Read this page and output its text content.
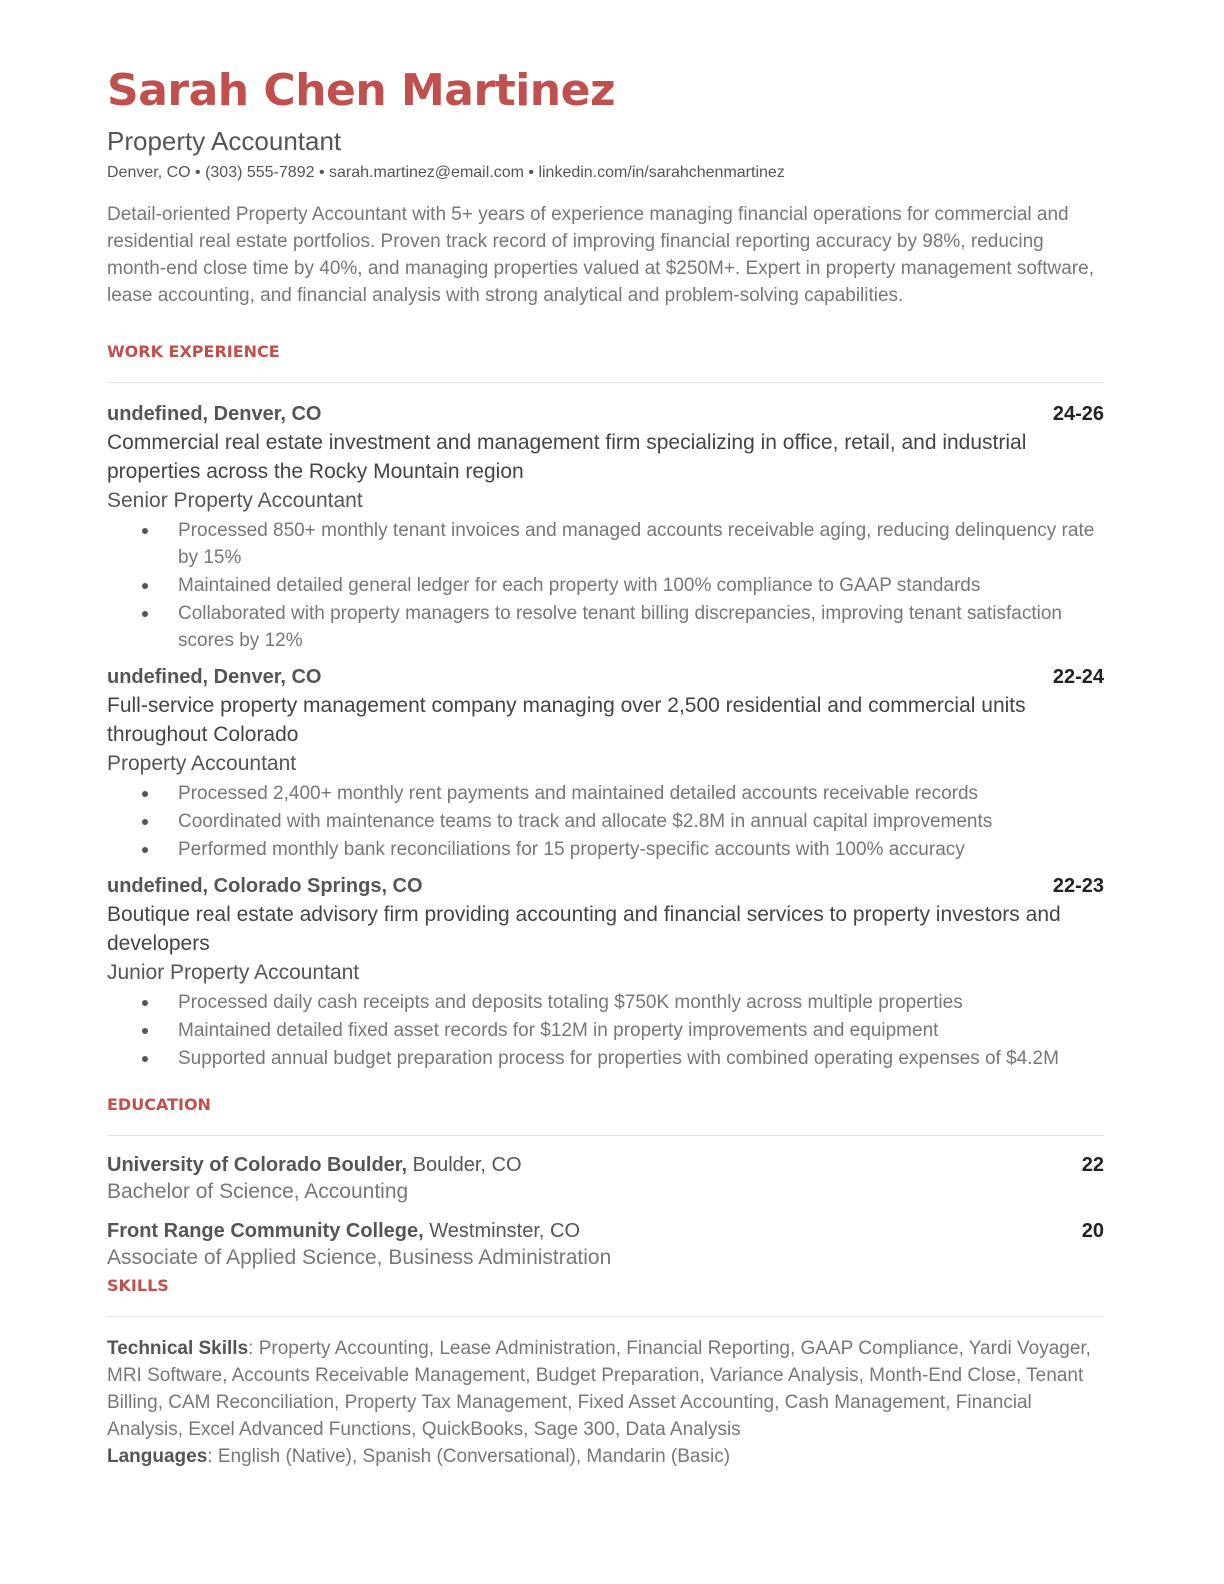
Sarah Chen Martinez
Property Accountant
Denver, CO • (303) 555-7892 • sarah.martinez@email.com • linkedin.com/in/sarahchenmartinez
Detail-oriented Property Accountant with 5+ years of experience managing financial operations for commercial and residential real estate portfolios. Proven track record of improving financial reporting accuracy by 98%, reducing month-end close time by 40%, and managing properties valued at $250M+. Expert in property management software, lease accounting, and financial analysis with strong analytical and problem-solving capabilities.
WORK EXPERIENCE
undefined, Denver, CO	24-26
Commercial real estate investment and management firm specializing in office, retail, and industrial properties across the Rocky Mountain region
Senior Property Accountant
Processed 850+ monthly tenant invoices and managed accounts receivable aging, reducing delinquency rate by 15%
Maintained detailed general ledger for each property with 100% compliance to GAAP standards
Collaborated with property managers to resolve tenant billing discrepancies, improving tenant satisfaction scores by 12%
undefined, Denver, CO	22-24
Full-service property management company managing over 2,500 residential and commercial units throughout Colorado
Property Accountant
Processed 2,400+ monthly rent payments and maintained detailed accounts receivable records
Coordinated with maintenance teams to track and allocate $2.8M in annual capital improvements
Performed monthly bank reconciliations for 15 property-specific accounts with 100% accuracy
undefined, Colorado Springs, CO	22-23
Boutique real estate advisory firm providing accounting and financial services to property investors and developers
Junior Property Accountant
Processed daily cash receipts and deposits totaling $750K monthly across multiple properties
Maintained detailed fixed asset records for $12M in property improvements and equipment
Supported annual budget preparation process for properties with combined operating expenses of $4.2M
EDUCATION
University of Colorado Boulder, Boulder, CO	22
Bachelor of Science, Accounting
Front Range Community College, Westminster, CO	20
Associate of Applied Science, Business Administration
SKILLS
Technical Skills: Property Accounting, Lease Administration, Financial Reporting, GAAP Compliance, Yardi Voyager, MRI Software, Accounts Receivable Management, Budget Preparation, Variance Analysis, Month-End Close, Tenant Billing, CAM Reconciliation, Property Tax Management, Fixed Asset Accounting, Cash Management, Financial Analysis, Excel Advanced Functions, QuickBooks, Sage 300, Data Analysis
Languages: English (Native), Spanish (Conversational), Mandarin (Basic)
